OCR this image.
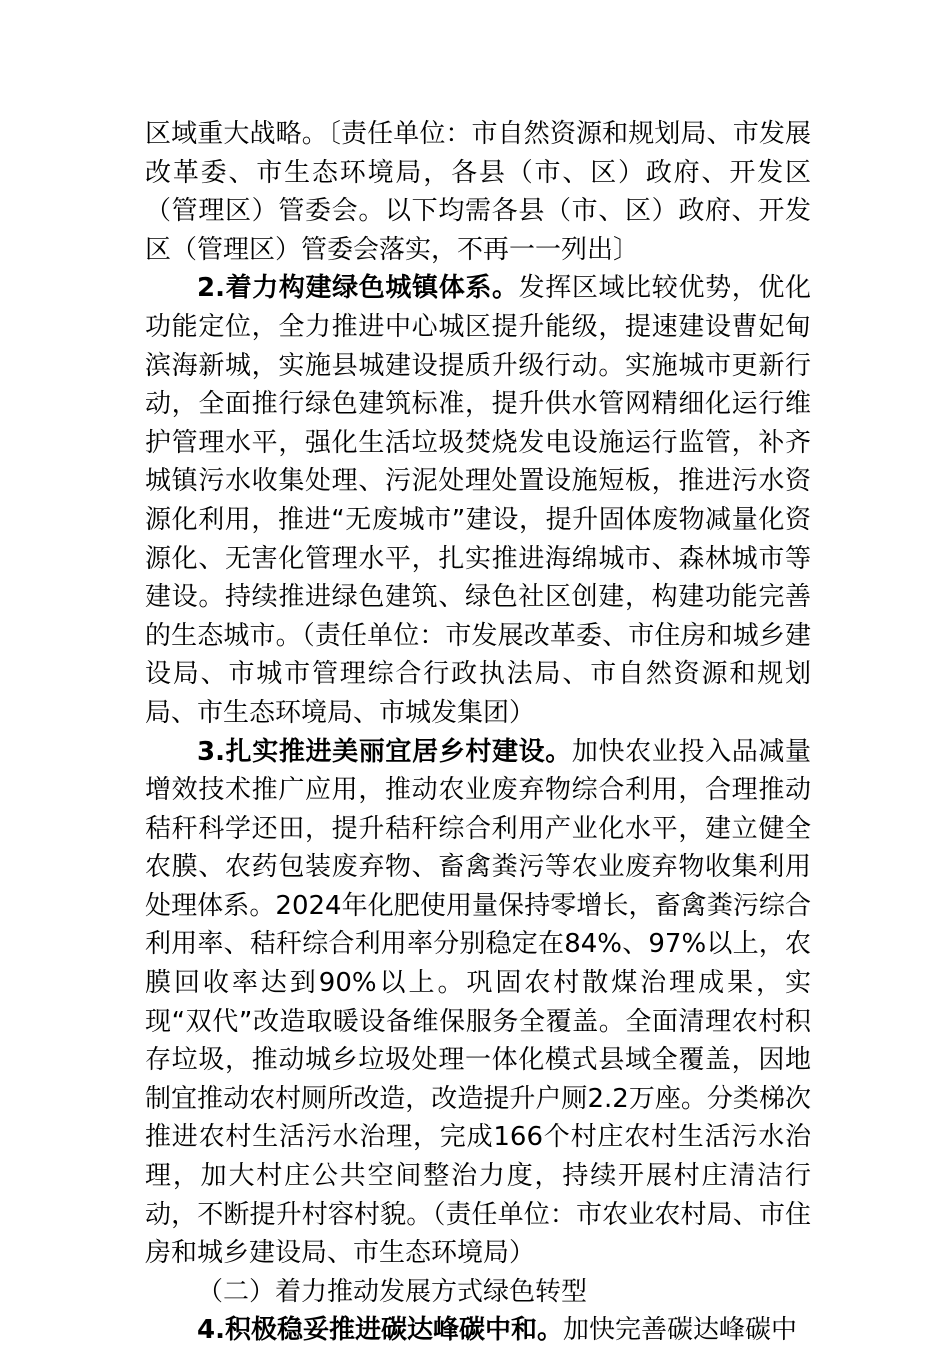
区域重大战略。〔责任单位：市自然资源和规划局、市发展改革委、市生态环境局，各县（市、区）政府、开发区（管理区）管委会。以下均需各县（市、区）政府、开发区（管理区）管委会落实，不再一一列出〕

2.着力构建绿色城镇体系。发挥区域比较优势，优化功能定位，全力推进中心城区提升能级，提速建设曹妃甸滨海新城，实施县城建设提质升级行动。实施城市更新行动，全面推行绿色建筑标准，提升供水管网精细化运行维护管理水平，强化生活垃圾焚烧发电设施运行监管，补齐城镇污水收集处理、污泥处理处置设施短板，推进污水资源化利用，推进“无废城市”建设，提升固体废物减量化资源化、无害化管理水平，扎实推进海绵城市、森林城市等建设。持续推进绿色建筑、绿色社区创建，构建功能完善的生态城市。（责任单位：市发展改革委、市住房和城乡建设局、市城市管理综合行政执法局、市自然资源和规划局、市生态环境局、市城发集团）

3.扎实推进美丽宜居乡村建设。加快农业投入品减量增效技术推广应用，推动农业废弃物综合利用，合理推动秸秆科学还田，提升秸秆综合利用产业化水平，建立健全农膜、农药包装废弃物、畜禽粪污等农业废弃物收集利用处理体系。2024年化肥使用量保持零增长，畜禽粪污综合利用率、秸秆综合利用率分别稳定在84%、97%以上，农膜回收率达到90%以上。巩固农村散煤治理成果，实现“双代”改造取暖设备维保服务全覆盖。全面清理农村积存垃圾，推动城乡垃圾处理一体化模式县域全覆盖，因地制宜推动农村厕所改造，改造提升户厕2.2万座。分类梯次推进农村生活污水治理，完成166个村庄农村生活污水治理，加大村庄公共空间整治力度，持续开展村庄清洁行动，不断提升村容村貌。（责任单位：市农业农村局、市住房和城乡建设局、市生态环境局）

（二）着力推动发展方式绿色转型

4.积极稳妥推进碳达峰碳中和。加快完善碳达峰碳中
